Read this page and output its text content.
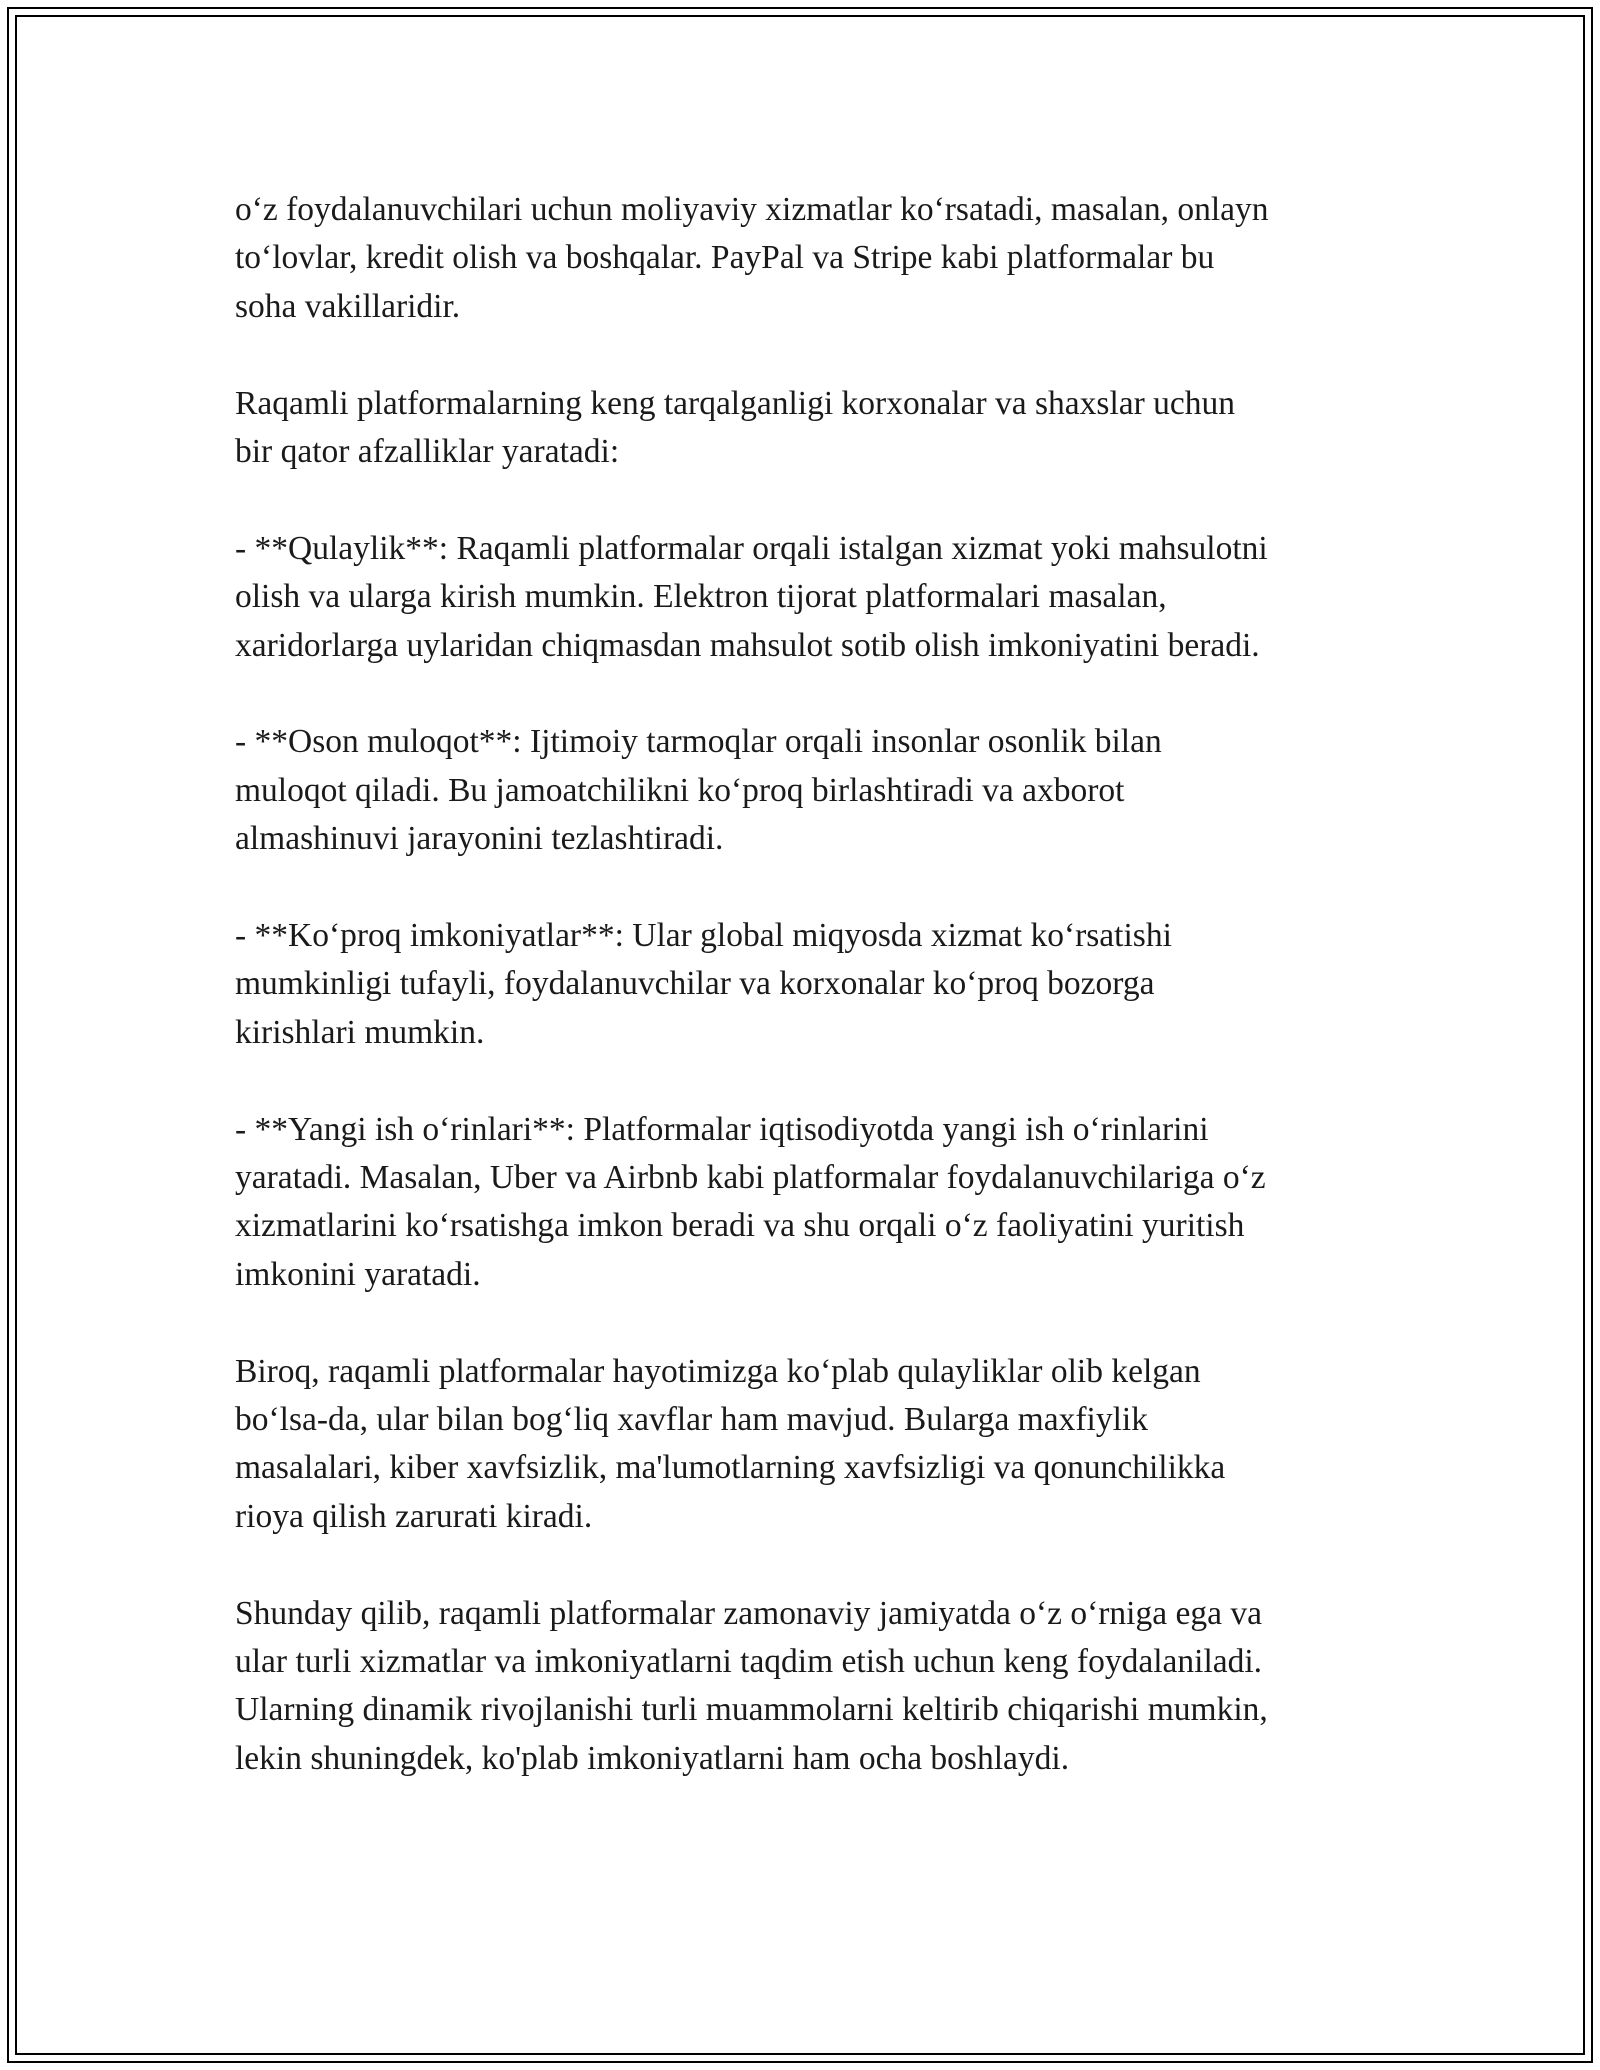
oʻz foydalanuvchilari uchun moliyaviy xizmatlar koʻrsatadi, masalan, onlayn
toʻlovlar, kredit olish va boshqalar. PayPal va Stripe kabi platformalar bu
soha vakillaridir.

Raqamli platformalarning keng tarqalganligi korxonalar va shaxslar uchun
bir qator afzalliklar yaratadi:

- **Qulaylik**: Raqamli platformalar orqali istalgan xizmat yoki mahsulotni
olish va ularga kirish mumkin. Elektron tijorat platformalari masalan,
xaridorlarga uylaridan chiqmasdan mahsulot sotib olish imkoniyatini beradi.

- **Oson muloqot**: Ijtimoiy tarmoqlar orqali insonlar osonlik bilan
muloqot qiladi. Bu jamoatchilikni koʻproq birlashtiradi va axborot
almashinuvi jarayonini tezlashtiradi.

- **Koʻproq imkoniyatlar**: Ular global miqyosda xizmat koʻrsatishi
mumkinligi tufayli, foydalanuvchilar va korxonalar koʻproq bozorga
kirishlari mumkin.

- **Yangi ish oʻrinlari**: Platformalar iqtisodiyotda yangi ish oʻrinlarini
yaratadi. Masalan, Uber va Airbnb kabi platformalar foydalanuvchilariga oʻz
xizmatlarini koʻrsatishga imkon beradi va shu orqali oʻz faoliyatini yuritish
imkonini yaratadi.

Biroq, raqamli platformalar hayotimizga koʻplab qulayliklar olib kelgan
boʻlsa-da, ular bilan bogʻliq xavflar ham mavjud. Bularga maxfiylik
masalalari, kiber xavfsizlik, ma'lumotlarning xavfsizligi va qonunchilikka
rioya qilish zarurati kiradi.

Shunday qilib, raqamli platformalar zamonaviy jamiyatda oʻz oʻrniga ega va
ular turli xizmatlar va imkoniyatlarni taqdim etish uchun keng foydalaniladi.
Ularning dinamik rivojlanishi turli muammolarni keltirib chiqarishi mumkin,
lekin shuningdek, ko'plab imkoniyatlarni ham ocha boshlaydi.
